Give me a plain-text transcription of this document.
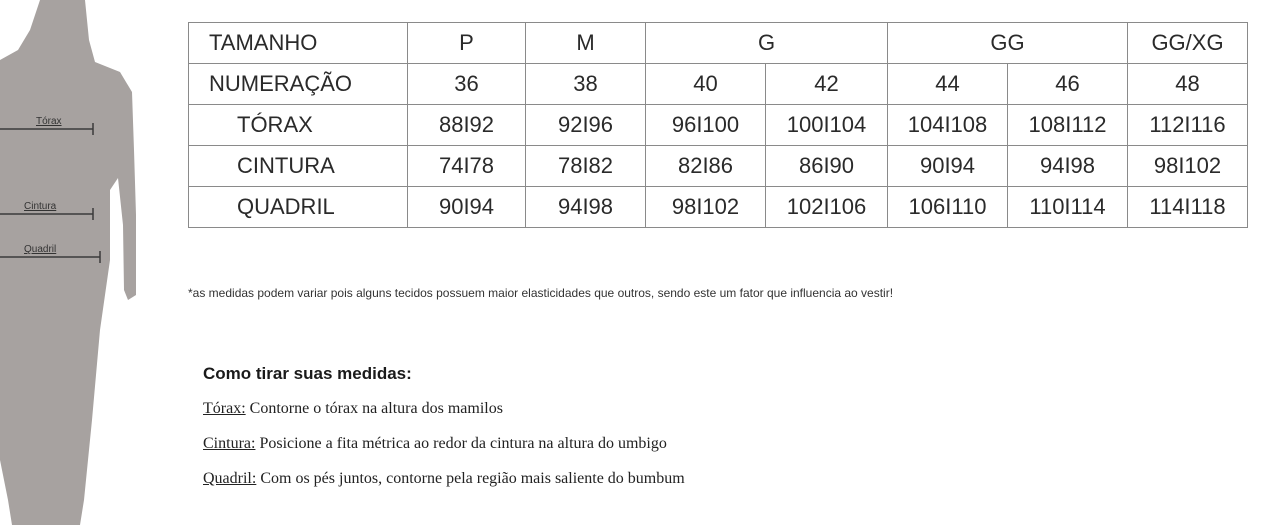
Tórax
Cintura
Quadril
TAMANHO	P	M	G		GG		GG/XG
NUMERAÇÃO	36	38	40	42	44	46	48
TÓRAX	88I92	92I96	96I100	100I104	104I108	108I112	112I116
CINTURA	74I78	78I82	82I86	86I90	90I94	94I98	98I102
QUADRIL	90I94	94I98	98I102	102I106	106I110	110I114	114I118
*as medidas podem variar pois alguns tecidos possuem maior elasticidades que outros, sendo este um fator que influencia ao vestir!
Como tirar suas medidas:
Tórax: Contorne o tórax na altura dos mamilos
Cintura: Posicione a fita métrica ao redor da cintura na altura do umbigo
Quadril: Com os pés juntos, contorne pela região mais saliente do bumbum
